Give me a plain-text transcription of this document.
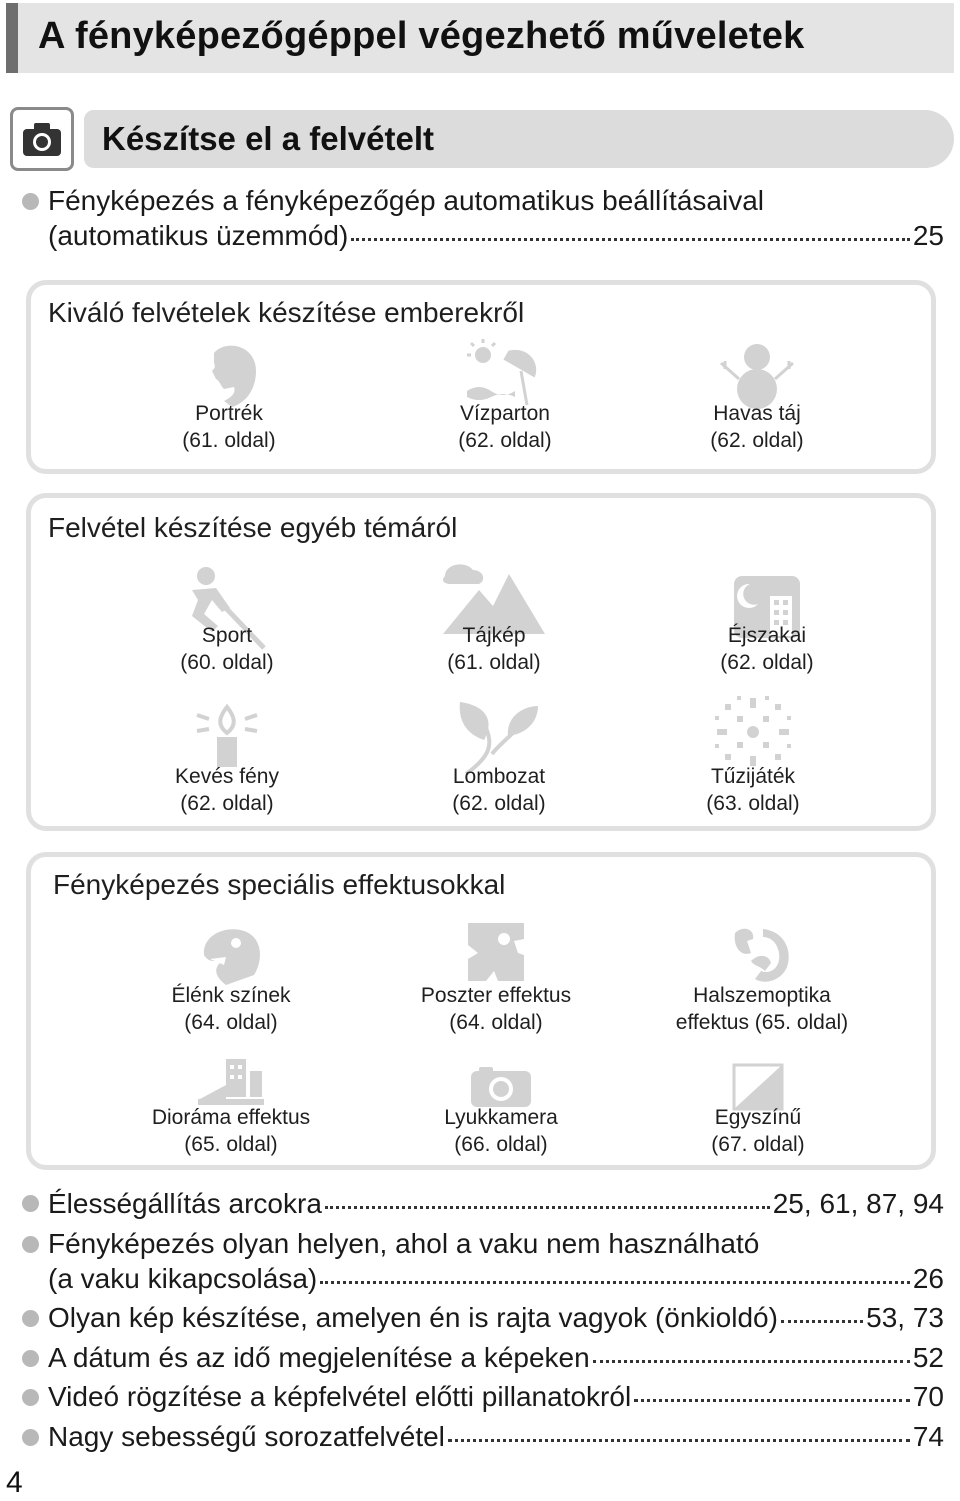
A fényképezőgéppel végezhető műveletek
Készítse el a felvételt
Fényképezés a fényképezőgép automatikus beállításaival
(automatikus üzemmód)	25
Kiváló felvételek készítése emberekről
Portrék
(61. oldal)
Vízparton
(62. oldal)
Havas táj
(62. oldal)
Felvétel készítése egyéb témáról
Sport
(60. oldal)
Tájkép
(61. oldal)
Éjszakai
(62. oldal)
Kevés fény
(62. oldal)
Lombozat
(62. oldal)
Tűzijáték
(63. oldal)
Fényképezés speciális effektusokkal
Élénk színek
(64. oldal)
Poszter effektus
(64. oldal)
Halszemoptika
effektus (65. oldal)
Dioráma effektus
(65. oldal)
Lyukkamera
(66. oldal)
Egyszínű
(67. oldal)
Élességállítás arcokra	25, 61, 87, 94
Fényképezés olyan helyen, ahol a vaku nem használható
(a vaku kikapcsolása)	26
Olyan kép készítése, amelyen én is rajta vagyok (önkioldó)	53, 73
A dátum és az idő megjelenítése a képeken	52
Videó rögzítése a képfelvétel előtti pillanatokról	70
Nagy sebességű sorozatfelvétel	74
4
